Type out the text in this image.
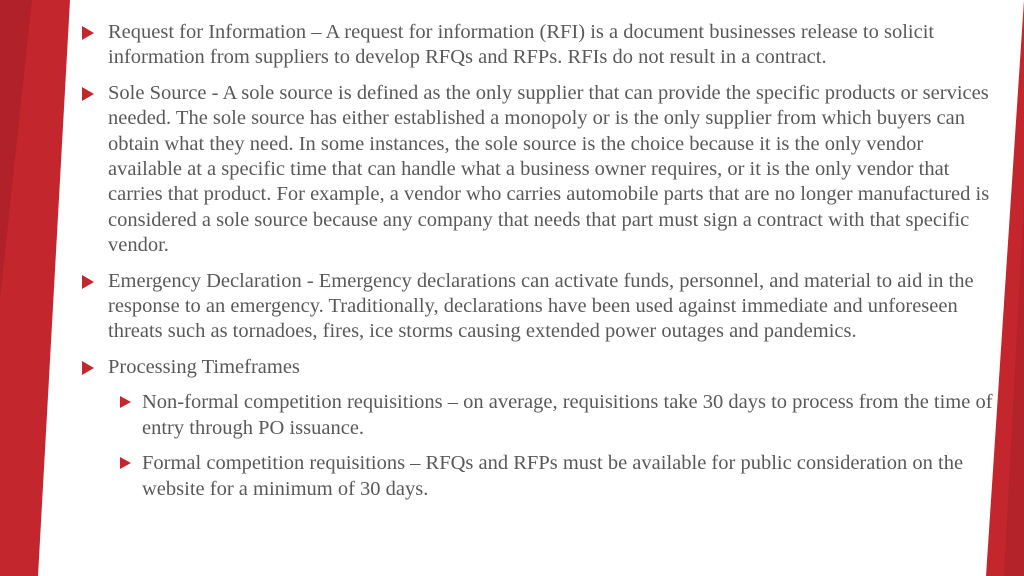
Request for Information – A request for information (RFI) is a document businesses release to solicit information from suppliers to develop RFQs and RFPs. RFIs do not result in a contract.
Sole Source - A sole source is defined as the only supplier that can provide the specific products or services needed. The sole source has either established a monopoly or is the only supplier from which buyers can obtain what they need. In some instances, the sole source is the choice because it is the only vendor available at a specific time that can handle what a business owner requires, or it is the only vendor that carries that product. For example, a vendor who carries automobile parts that are no longer manufactured is considered a sole source because any company that needs that part must sign a contract with that specific vendor.
Emergency Declaration - Emergency declarations can activate funds, personnel, and material to aid in the response to an emergency. Traditionally, declarations have been used against immediate and unforeseen threats such as tornadoes, fires, ice storms causing extended power outages and pandemics.
Processing Timeframes
Non-formal competition requisitions – on average, requisitions take 30 days to process from the time of entry through PO issuance.
Formal competition requisitions – RFQs and RFPs must be available for public consideration on the website for a minimum of 30 days.
